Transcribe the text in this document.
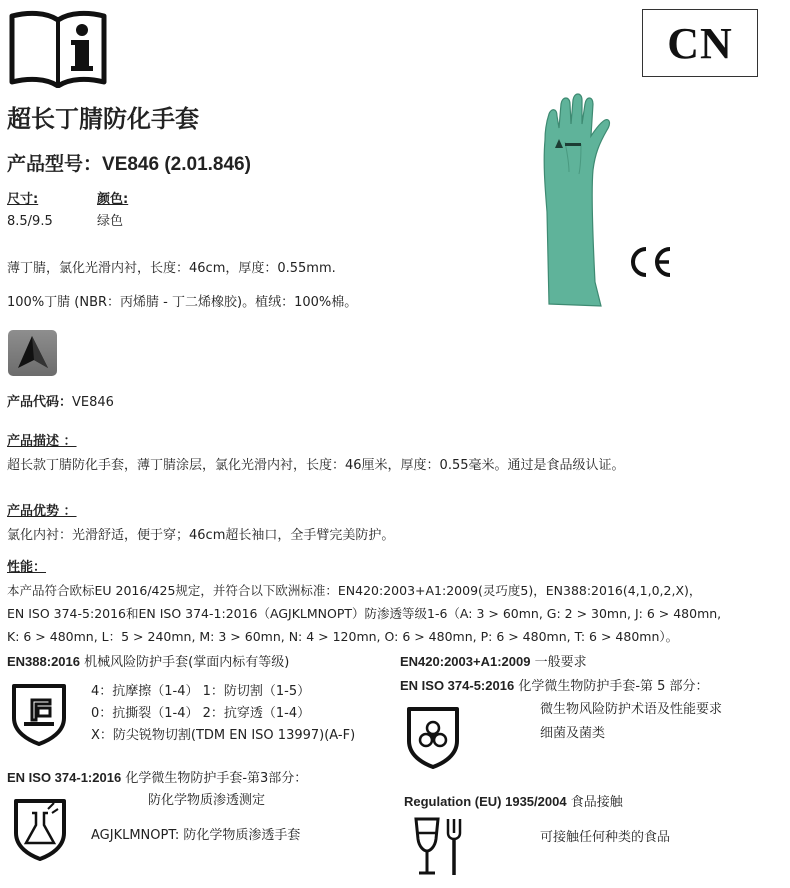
CN
超长丁腈防化手套
产品型号：VE846 (2.01.846)
尺寸:
8.5/9.5
颜色:
绿色
薄丁腈，氯化光滑内衬，长度：46cm，厚度：0.55mm.
100%丁腈 (NBR：丙烯腈 - 丁二烯橡胶)。植绒：100%棉。
产品代码：VE846
产品描述 ：
超长款丁腈防化手套，薄丁腈涂层，氯化光滑内衬，长度：46厘米，厚度：0.55毫米。通过是食品级认证。
产品优势 ：
氯化内衬：光滑舒适，便于穿；46cm超长袖口，全手臂完美防护。
性能：
本产品符合欧标EU 2016/425规定，并符合以下欧洲标准：EN420:2003+A1:2009(灵巧度5)，EN388:2016(4,1,0,2,X)，
EN ISO 374-5:2016和EN ISO 374-1:2016（AGJKLMNOPT）防渗透等级1-6（A: 3 > 60mn, G: 2 > 30mn, J: 6 > 480mn,
K: 6 > 480mn, L：5 > 240mn, M: 3 > 60mn, N: 4 > 120mn, O: 6 > 480mn, P: 6 > 480mn, T: 6 > 480mn）。
EN388:2016 机械风险防护手套(掌面内标有等级)
4：抗摩擦（1-4） 1：防切割（1-5）
0：抗撕裂（1-4） 2：抗穿透（1-4）
X：防尖锐物切割(TDM EN ISO 13997)(A-F)
EN420:2003+A1:2009 一般要求
EN ISO 374-5:2016 化学微生物防护手套-第 5 部分：
微生物风险防护术语及性能要求
细菌及菌类
EN ISO 374-1:2016 化学微生物防护手套-第3部分：
防化学物质渗透测定
AGJKLMNOPT: 防化学物质渗透手套
Regulation (EU) 1935/2004 食品接触
可接触任何种类的食品
